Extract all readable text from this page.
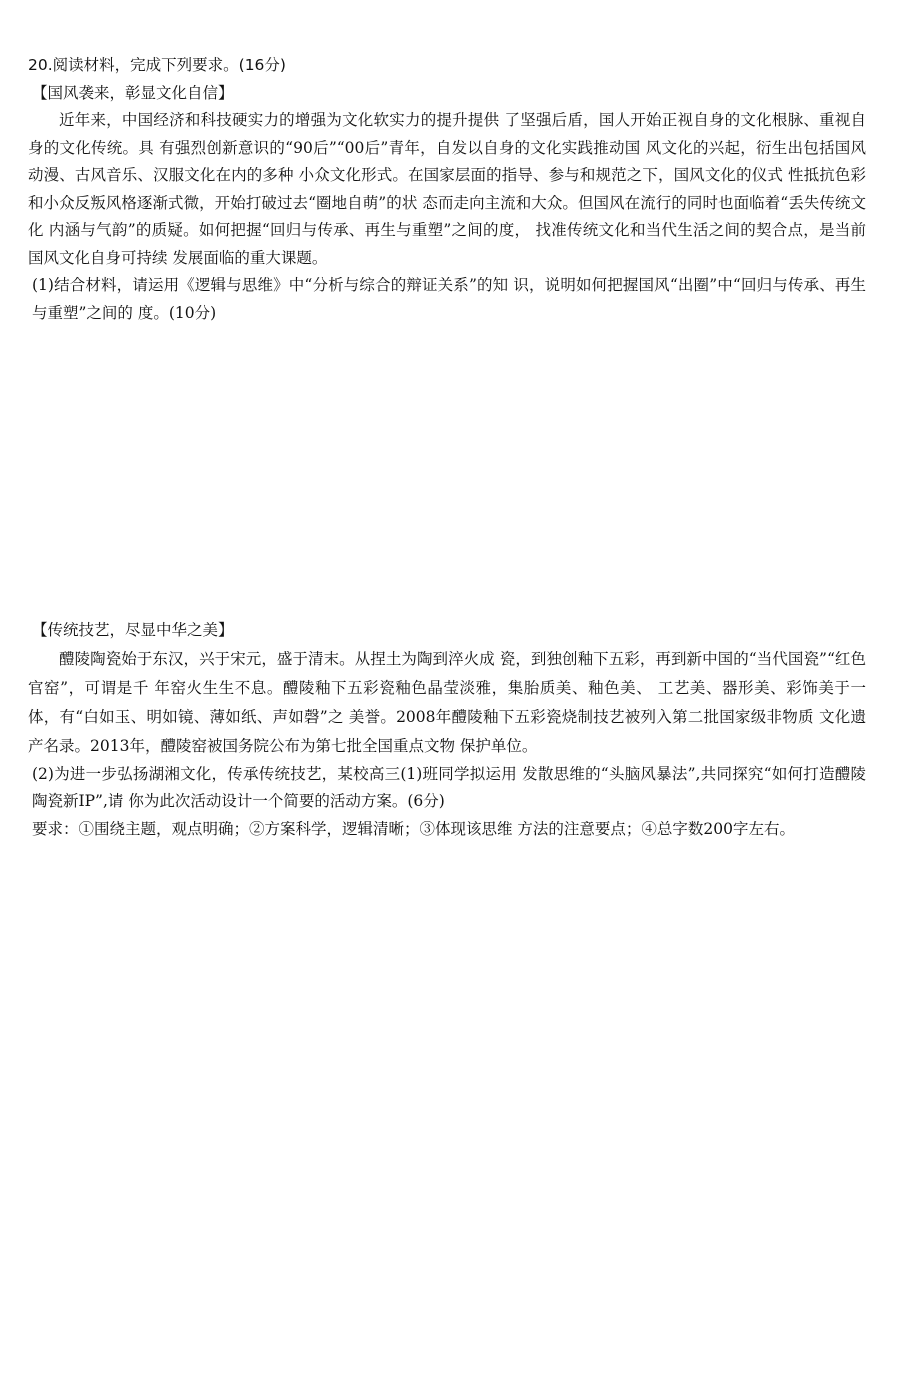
20.阅读材料，完成下列要求。(16分)

【国风袭来，彰显文化自信】

近年来，中国经济和科技硬实力的增强为文化软实力的提升提供 了坚强后盾，国人开始正视自身的文化根脉、重视自身的文化传统。具 有强烈创新意识的“90后”“00后”青年，自发以自身的文化实践推动国 风文化的兴起，衍生出包括国风动漫、古风音乐、汉服文化在内的多种 小众文化形式。在国家层面的指导、参与和规范之下，国风文化的仪式 性抵抗色彩和小众反叛风格逐渐式微，开始打破过去“圈地自萌”的状 态而走向主流和大众。但国风在流行的同时也面临着“丢失传统文化 内涵与气韵”的质疑。如何把握“回归与传承、再生与重塑”之间的度， 找准传统文化和当代生活之间的契合点，是当前国风文化自身可持续 发展面临的重大课题。

(1)结合材料，请运用《逻辑与思维》中“分析与综合的辩证关系”的知 识，说明如何把握国风“出圈”中“回归与传承、再生与重塑”之间的 度。(10分)

【传统技艺，尽显中华之美】

醴陵陶瓷始于东汉，兴于宋元，盛于清末。从捏土为陶到淬火成 瓷，到独创釉下五彩，再到新中国的“当代国瓷”“红色官窑”，可谓是千 年窑火生生不息。醴陵釉下五彩瓷釉色晶莹淡雅，集胎质美、釉色美、 工艺美、器形美、彩饰美于一体，有“白如玉、明如镜、薄如纸、声如磬”之 美誉。2008年醴陵釉下五彩瓷烧制技艺被列入第二批国家级非物质 文化遗产名录。2013年，醴陵窑被国务院公布为第七批全国重点文物 保护单位。

(2)为进一步弘扬湖湘文化，传承传统技艺，某校高三(1)班同学拟运用 发散思维的“头脑风暴法”,共同探究“如何打造醴陵陶瓷新IP”,请 你为此次活动设计一个简要的活动方案。(6分)

要求：①围绕主题，观点明确；②方案科学，逻辑清晰；③体现该思维 方法的注意要点；④总字数200字左右。
